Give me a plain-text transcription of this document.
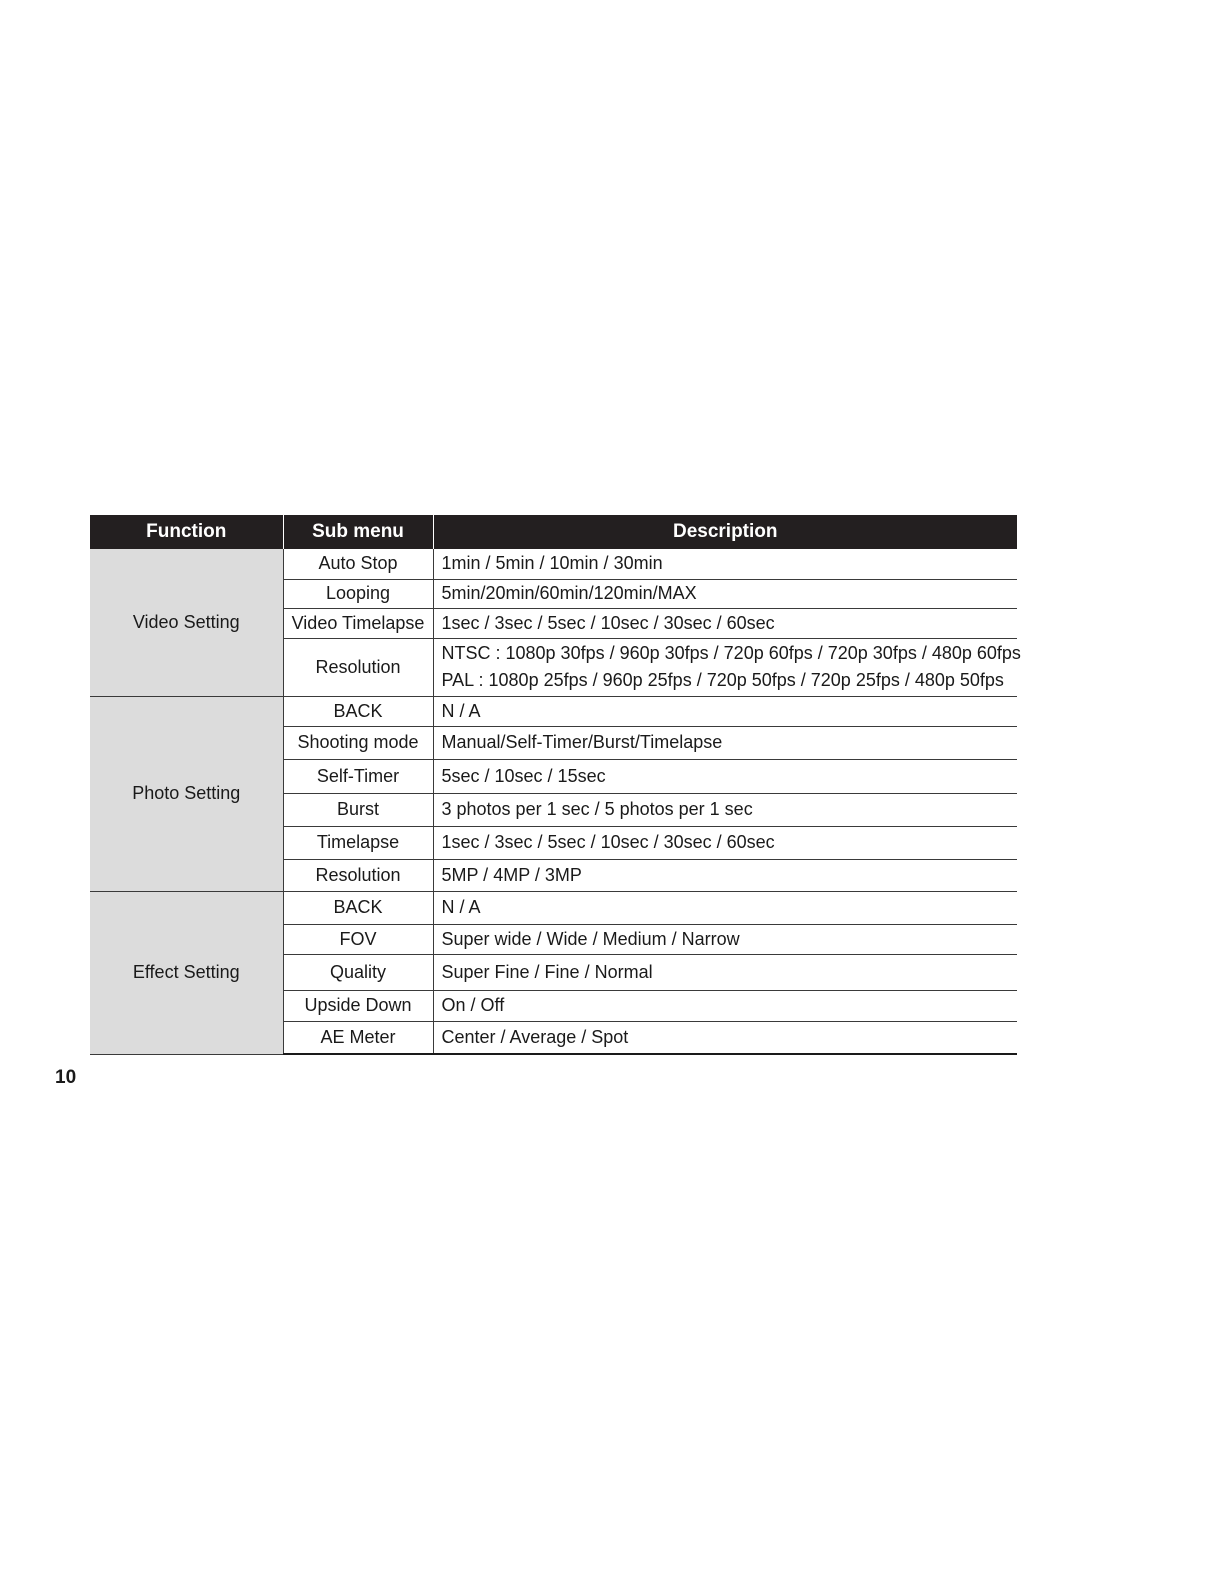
Function	Sub menu	Description
Video Setting	Auto Stop	1min / 5min / 10min / 30min

	Looping	5min/20min/60min/120min/MAX

	Video Timelapse	1sec / 3sec / 5sec / 10sec / 30sec / 60sec

	Resolution	NTSC : 1080p 30fps / 960p 30fps / 720p 60fps / 720p 30fps / 480p 60fps
PAL : 1080p 25fps / 960p 25fps / 720p 50fps / 720p 25fps / 480p 50fps

Photo Setting	BACK	N / A

	Shooting mode	Manual/Self-Timer/Burst/Timelapse

	Self-Timer	5sec / 10sec / 15sec

	Burst	3 photos per 1 sec / 5 photos per 1 sec

	Timelapse	1sec / 3sec / 5sec / 10sec / 30sec / 60sec

	Resolution	5MP / 4MP / 3MP

Effect Setting	BACK	N / A

	FOV	Super wide / Wide / Medium / Narrow

	Quality	Super Fine / Fine / Normal

	Upside Down	On / Off

	AE Meter	Center / Average / Spot
10
